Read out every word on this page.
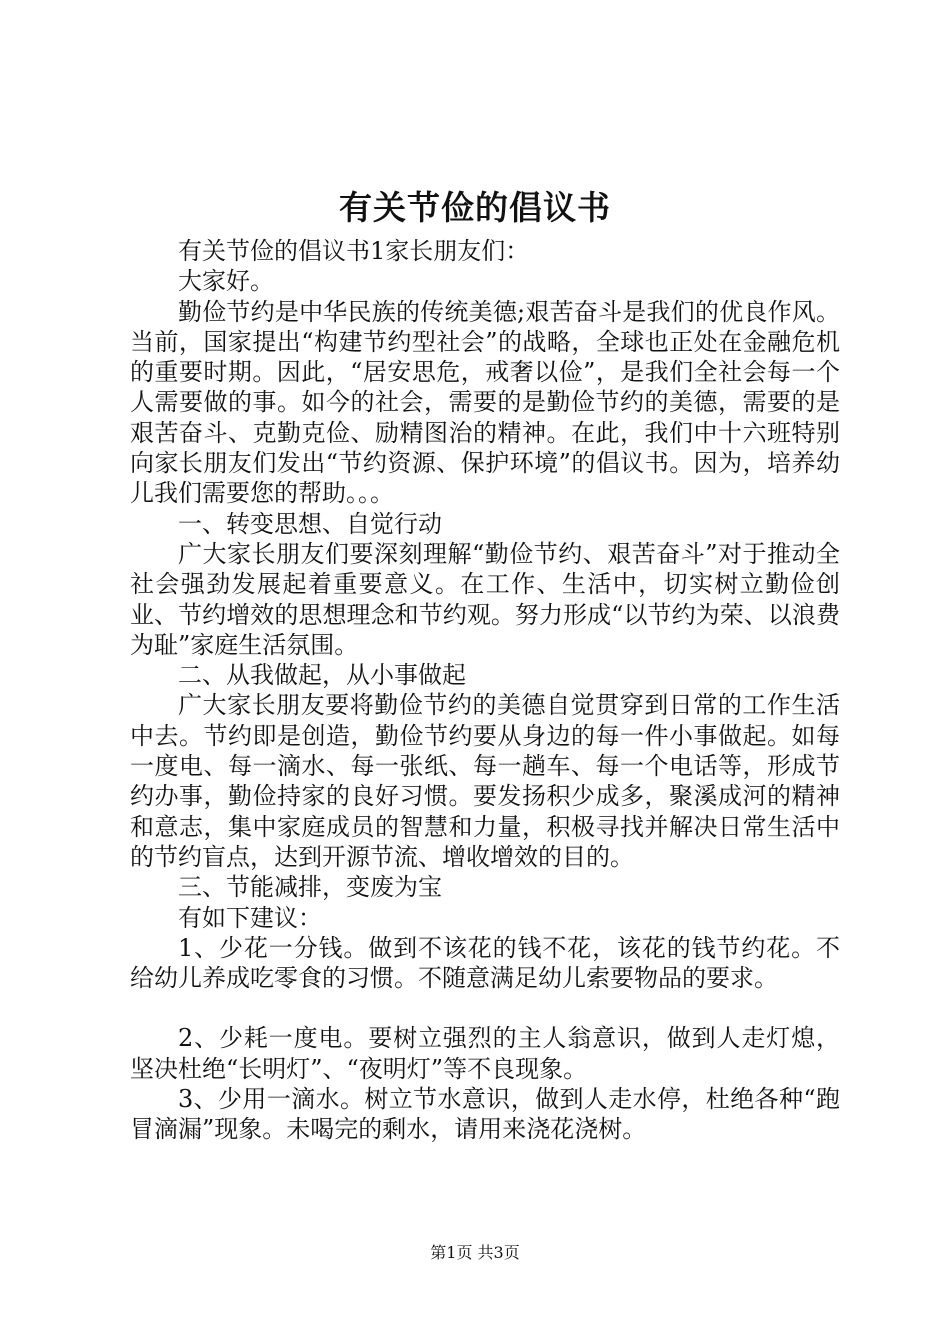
有关节俭的倡议书

有关节俭的倡议书1家长朋友们：

大家好。

勤俭节约是中华民族的传统美德;艰苦奋斗是我们的优良作风。当前，国家提出“构建节约型社会”的战略，全球也正处在金融危机的重要时期。因此，“居安思危，戒奢以俭”，是我们全社会每一个人需要做的事。如今的社会，需要的是勤俭节约的美德，需要的是艰苦奋斗、克勤克俭、励精图治的精神。在此，我们中十六班特别向家长朋友们发出“节约资源、保护环境”的倡议书。因为，培养幼儿我们需要您的帮助。。。

一、转变思想、自觉行动

广大家长朋友们要深刻理解“勤俭节约、艰苦奋斗”对于推动全社会强劲发展起着重要意义。在工作、生活中，切实树立勤俭创业、节约增效的思想理念和节约观。努力形成“以节约为荣、以浪费为耻”家庭生活氛围。

二、从我做起，从小事做起

广大家长朋友要将勤俭节约的美德自觉贯穿到日常的工作生活中去。节约即是创造，勤俭节约要从身边的每一件小事做起。如每一度电、每一滴水、每一张纸、每一趟车、每一个电话等，形成节约办事，勤俭持家的良好习惯。要发扬积少成多，聚溪成河的精神和意志，集中家庭成员的智慧和力量，积极寻找并解决日常生活中的节约盲点，达到开源节流、增收增效的目的。

三、节能减排，变废为宝

有如下建议：

1、少花一分钱。做到不该花的钱不花，该花的钱节约花。不给幼儿养成吃零食的习惯。不随意满足幼儿索要物品的要求。

2、少耗一度电。要树立强烈的主人翁意识，做到人走灯熄，坚决杜绝“长明灯”、“夜明灯”等不良现象。

3、少用一滴水。树立节水意识，做到人走水停，杜绝各种“跑冒滴漏”现象。未喝完的剩水，请用来浇花浇树。

第1页 共3页
